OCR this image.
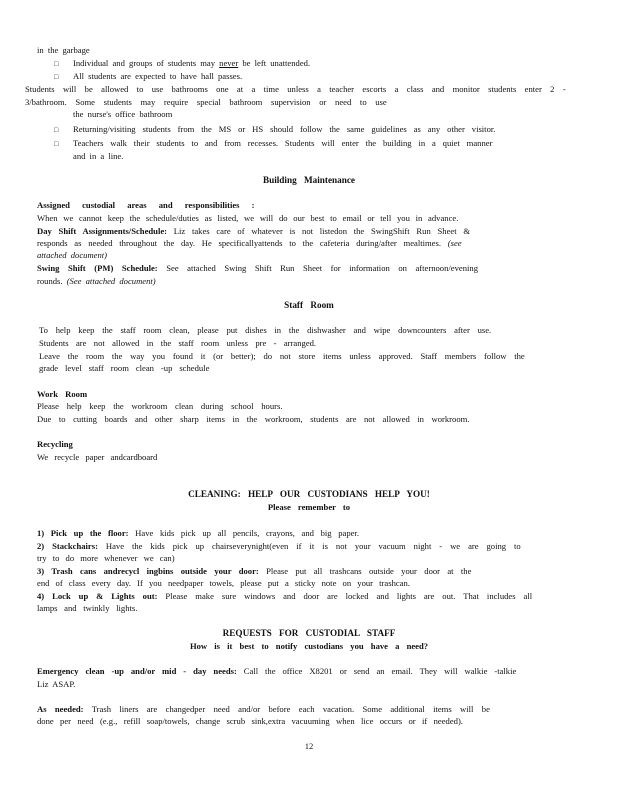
in the garbage
□ Individual and groups of students may never be left unattended.
□ All students are expected to have hall passes.
Students will be allowed to use bathrooms one at a time unless a teacher escorts a class and monitor students enter 2 -
3/bathroom. Some students may require special bathroom supervision or need to use
the nurse's office bathroom
□ Returning/visiting students from the MS or HS should follow the same guidelines as any other visitor.
□ Teachers walk their students to and from recesses. Students will enter the building in a quiet manner
and in a line.
Building Maintenance
Assigned custodial areas and responsibilities :
When we cannot keep the schedule/duties as listed, we will do our best to email or tell you in advance.
Day Shift Assignments/Schedule: Liz takes care of whatever is not listedon the SwingShift Run Sheet &
responds as needed throughout the day. He specificallyattends to the cafeteria during/after mealtimes. (see
attached document)
Swing Shift (PM) Schedule: See attached Swing Shift Run Sheet for information on afternoon/evening
rounds. (See attached document)
Staff Room
To help keep the staff room clean, please put dishes in the dishwasher and wipe downcounters after use.
Students are not allowed in the staff room unless pre - arranged.
Leave the room the way you found it (or better); do not store items unless approved. Staff members follow the
grade level staff room clean -up schedule
Work Room
Please help keep the workroom clean during school hours.
Due to cutting boards and other sharp items in the workroom, students are not allowed in workroom.
Recycling
We recycle paper andcardboard
CLEANING: HELP OUR CUSTODIANS HELP YOU!
Please remember to
1) Pick up the floor: Have kids pick up all pencils, crayons, and big paper.
2) Stackchairs: Have the kids pick up chairseverynight(even if it is not your vacuum night - we are going to
try to do more whenever we can)
3) Trash cans andrecycl ingbins outside your door: Please put all trashcans outside your door at the
end of class every day. If you needpaper towels, please put a sticky note on your trashcan.
4) Lock up & Lights out: Please make sure windows and door are locked and lights are out. That includes all
lamps and twinkly lights.
REQUESTS FOR CUSTODIAL STAFF
How is it best to notify custodians you have a need?
Emergency clean -up and/or mid - day needs: Call the office X8201 or send an email. They will walkie -talkie
Liz ASAP.
As needed: Trash liners are changedper need and/or before each vacation. Some additional items will be
done per need (e.g., refill soap/towels, change scrub sink,extra vacuuming when lice occurs or if needed).
12
